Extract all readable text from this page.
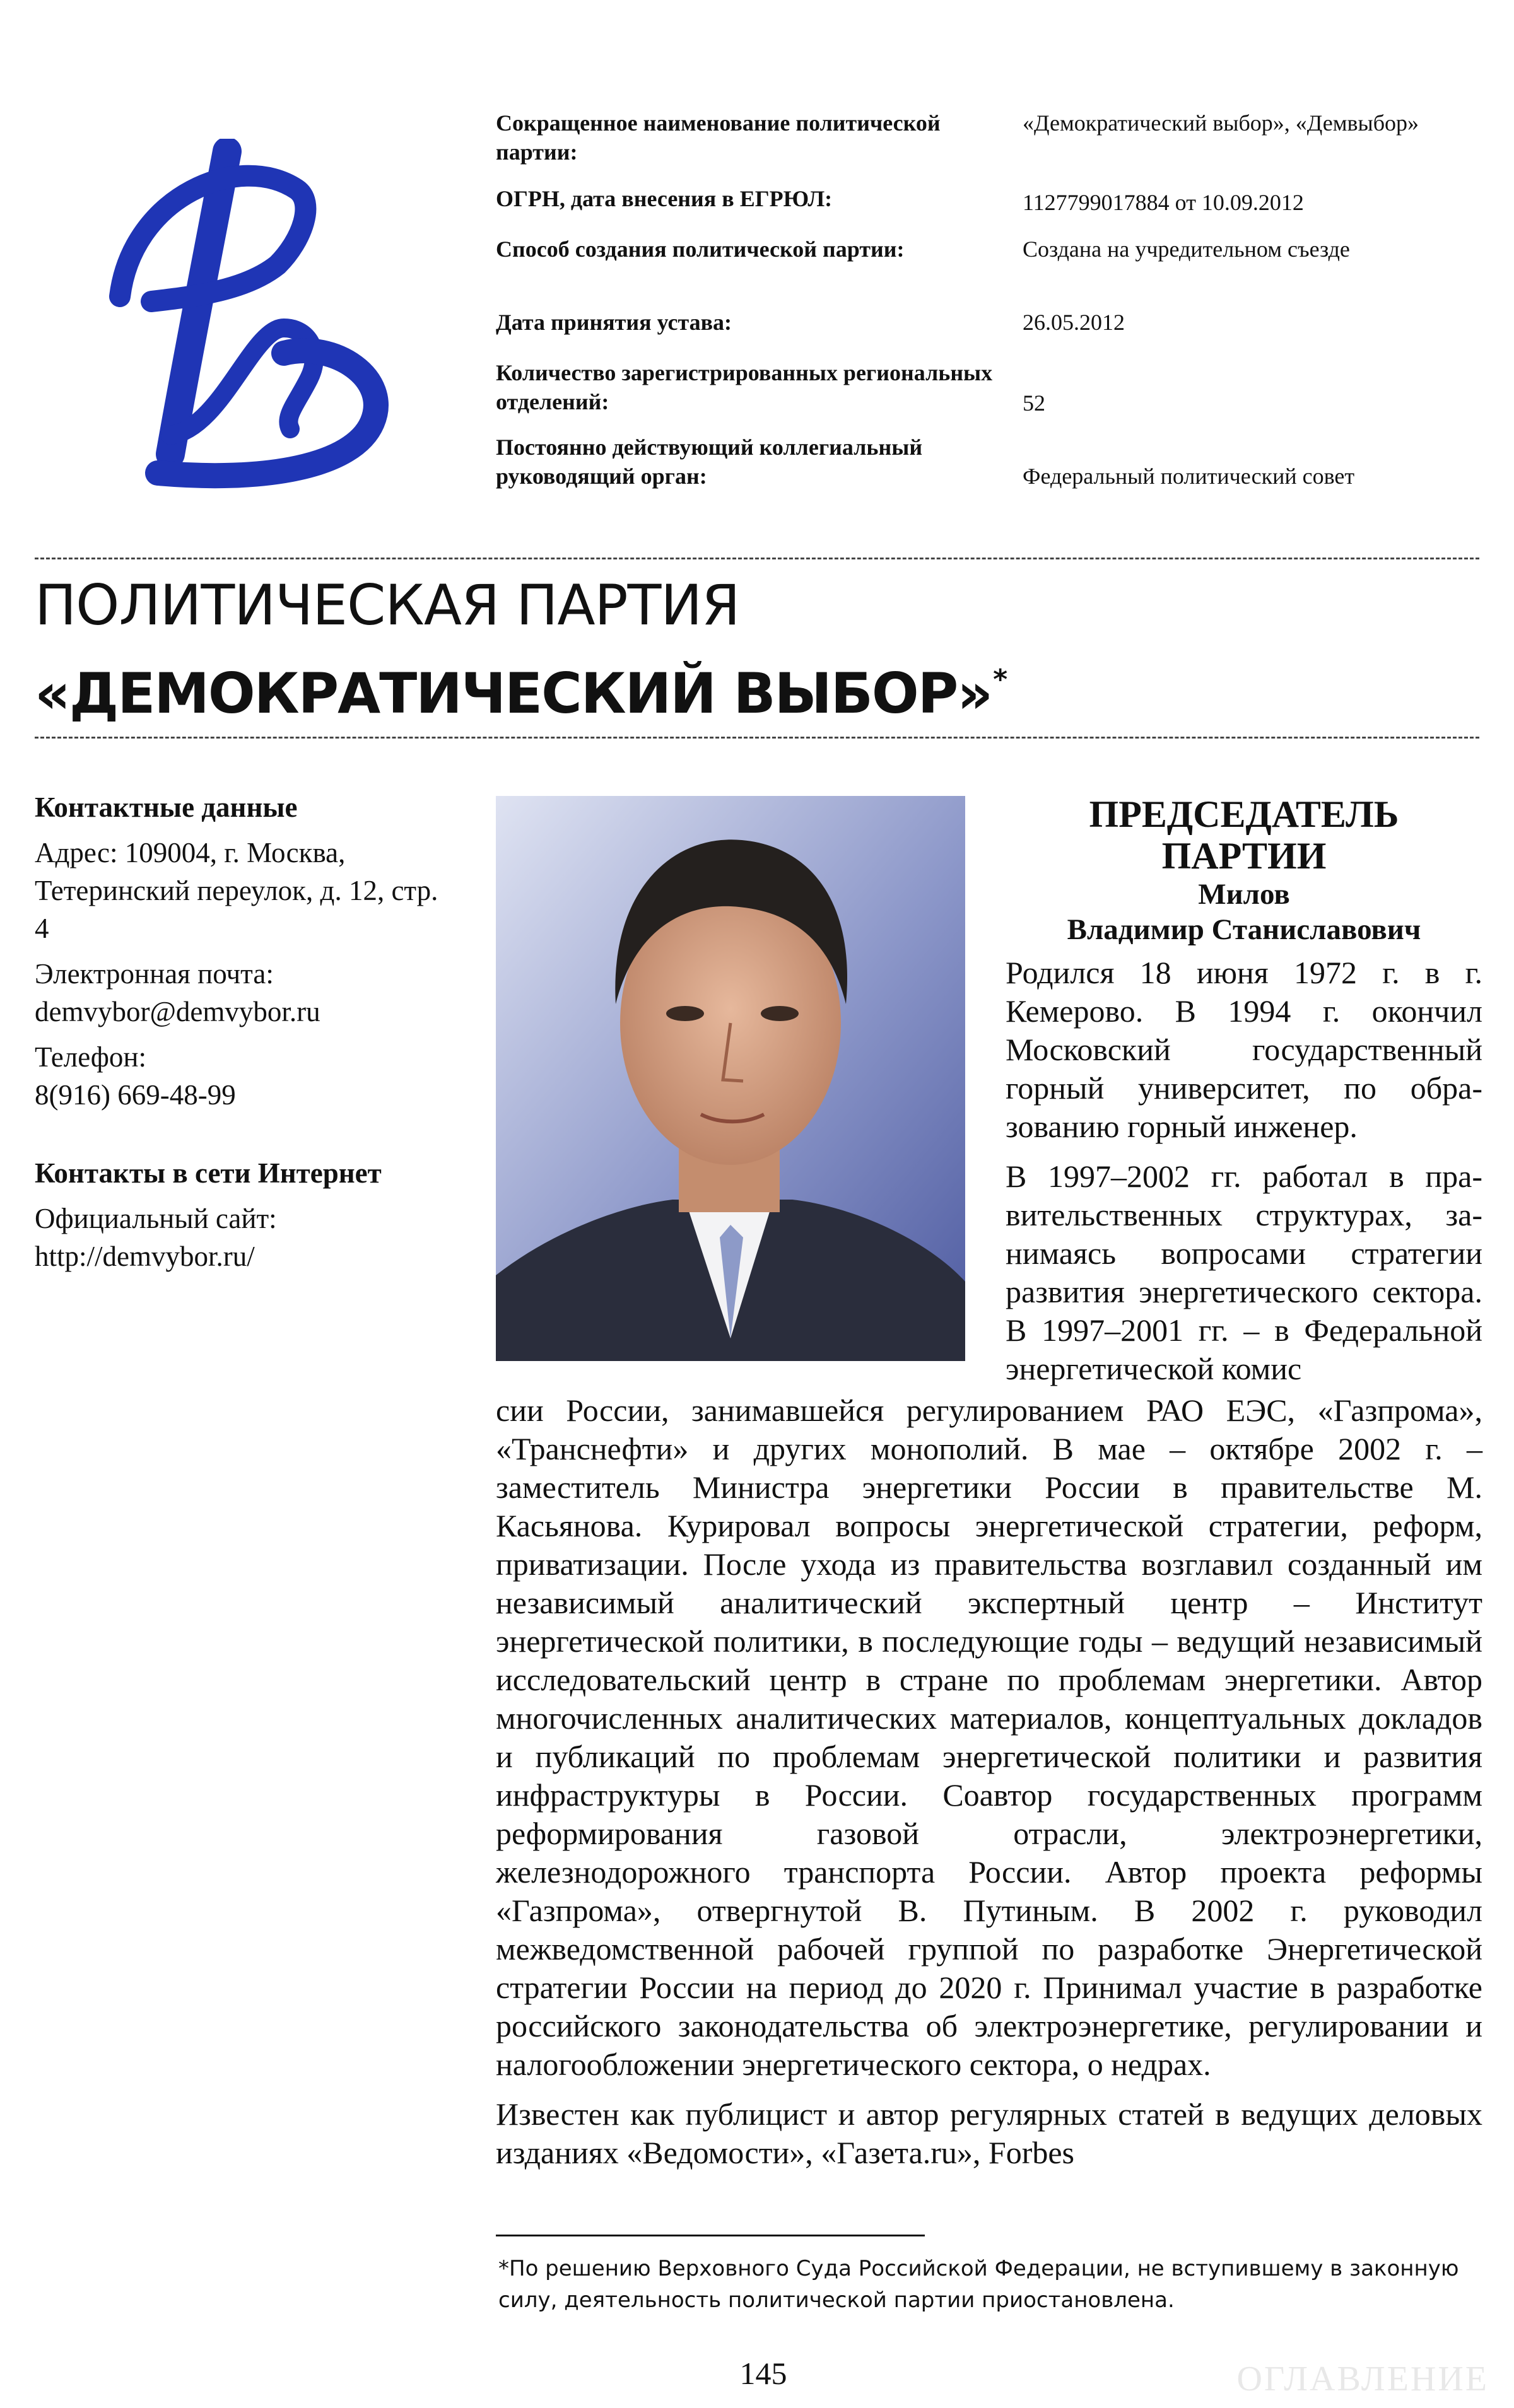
Сокращенное наименование политической партии:
«Демократический выбор», «Демвыбор»
ОГРН, дата внесения в ЕГРЮЛ:	1127799017884 от 10.09.2012
Способ создания политической партии:	Создана на учредительном съезде
Дата принятия устава:	26.05.2012
Количество зарегистрированных региональных отделений:	52
Постоянно действующий коллегиальный руководящий орган:	Федеральный политический совет
ПОЛИТИЧЕСКАЯ ПАРТИЯ
«ДЕМОКРАТИЧЕСКИЙ ВЫБОР»*

Контактные данные

Адрес: 109004, г. Москва, Тетеринский переулок, д. 12, стр. 4

Электронная почта:

demvybor@demvybor.ru

Телефон:

8(916) 669-48-99

Контакты в сети Интернет

Официальный сайт:

http://demvybor.ru/

ПРЕДСЕДАТЕЛЬ
ПАРТИИ
Милов
Владимир Станиславович

Родился 18 июня 1972 г. в г. Кемерово. В 1994 г. окончил Московский государственный горный университет, по образованию горный инженер.

В 1997–2002 гг. работал в правительственных структурах, занимаясь вопросами стратегии развития энергетического сектора. В 1997–2001 гг. – в Федеральной энергетической комис

сии России, занимавшейся регулированием РАО ЕЭС, «Газпрома», «Транснефти» и других монополий. В мае – октябре 2002 г. – заместитель Министра энергетики России в правительстве М. Касьянова. Курировал вопросы энергетической стратегии, реформ, приватизации. После ухода из правительства возглавил созданный им независимый аналитический экспертный центр – Институт энергетической политики, в последующие годы – ведущий независимый исследовательский центр в стране по проблемам энергетики. Автор многочисленных аналитических материалов, концептуальных докладов и публикаций по проблемам энергетической политики и развития инфраструктуры в России. Соавтор государственных программ реформирования газовой отрасли, электроэнергетики, железнодорожного транспорта России. Автор проекта реформы «Газпрома», отвергнутой В. Путиным. В 2002 г. руководил межведомственной рабочей группой по разработке Энергетической стратегии России на период до 2020 г. Принимал участие в разработке российского законодательства об электроэнергетике, регулировании и налогообложении энергетического сектора, о недрах.

Известен как публицист и автор регулярных статей в ведущих деловых изданиях «Ведомости», «Газета.ru», Forbes

*По решению Верховного Суда Российской Федерации, не вступившему в законную силу, деятельность политической партии приостановлена.
145	ОГЛАВЛЕНИЕ
